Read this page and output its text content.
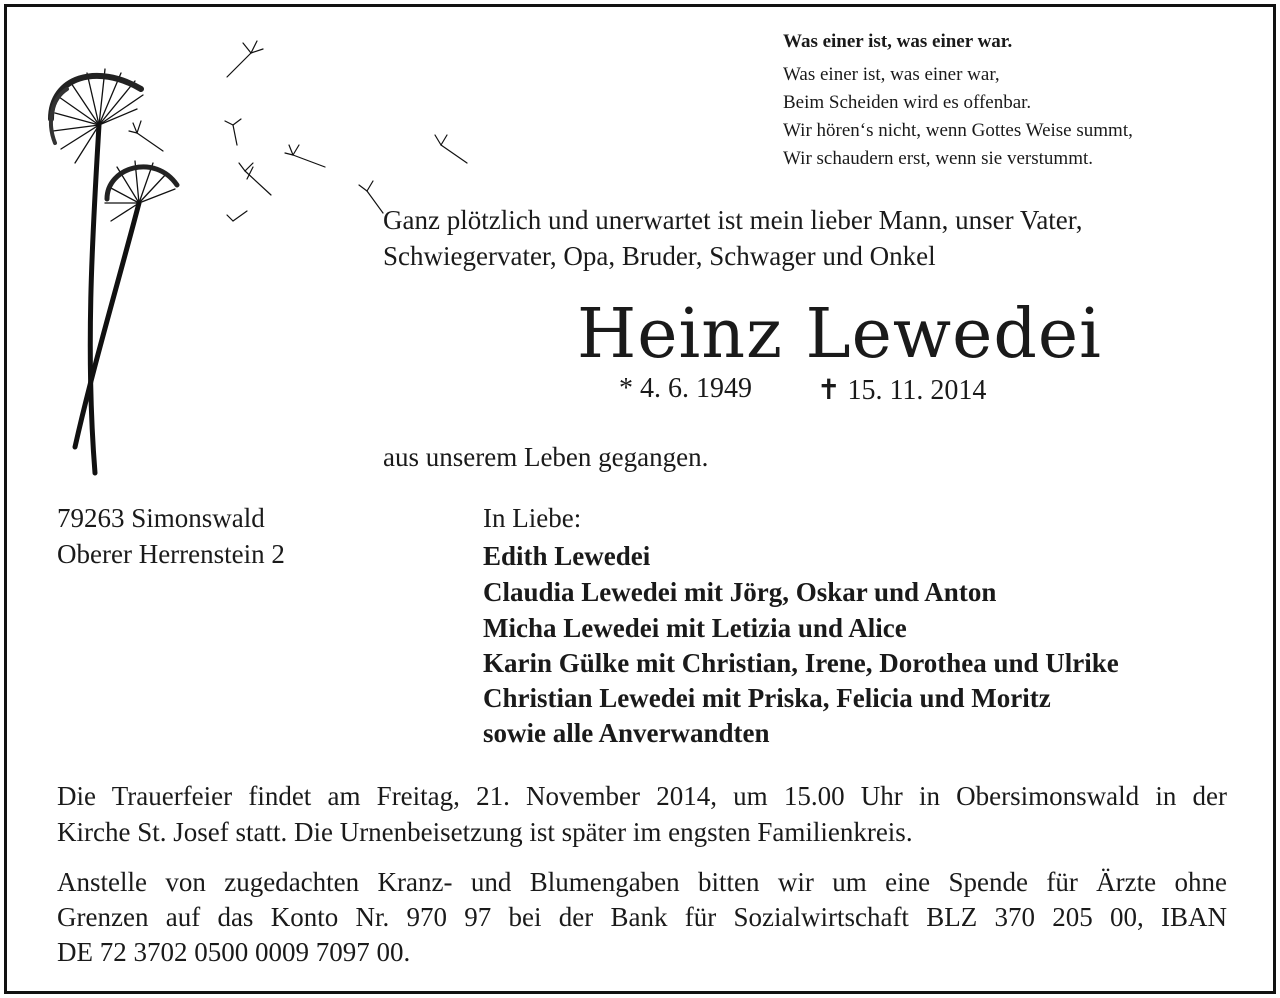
Was einer ist, was einer war.
Was einer ist, was einer war,
Beim Scheiden wird es offenbar.
Wir hören‘s nicht, wenn Gottes Weise summt,
Wir schaudern erst, wenn sie verstummt.
Ganz plötzlich und unerwartet ist mein lieber Mann, unser Vater,
Schwiegervater, Opa, Bruder, Schwager und Onkel
Heinz Lewedei
* 4. 6. 1949 ✝ 15. 11. 2014
aus unserem Leben gegangen.
79263 Simonswald
Oberer Herrenstein 2
In Liebe:
Edith Lewedei
Claudia Lewedei mit Jörg, Oskar und Anton
Micha Lewedei mit Letizia und Alice
Karin Gülke mit Christian, Irene, Dorothea und Ulrike
Christian Lewedei mit Priska, Felicia und Moritz
sowie alle Anverwandten
Die Trauerfeier findet am Freitag, 21. November 2014, um 15.00 Uhr in Obersimonswald in der
Kirche St. Josef statt. Die Urnenbeisetzung ist später im engsten Familienkreis.
Anstelle von zugedachten Kranz- und Blumengaben bitten wir um eine Spende für Ärzte ohne
Grenzen auf das Konto Nr. 970 97 bei der Bank für Sozialwirtschaft BLZ 370 205 00, IBAN
DE 72 3702 0500 0009 7097 00.
